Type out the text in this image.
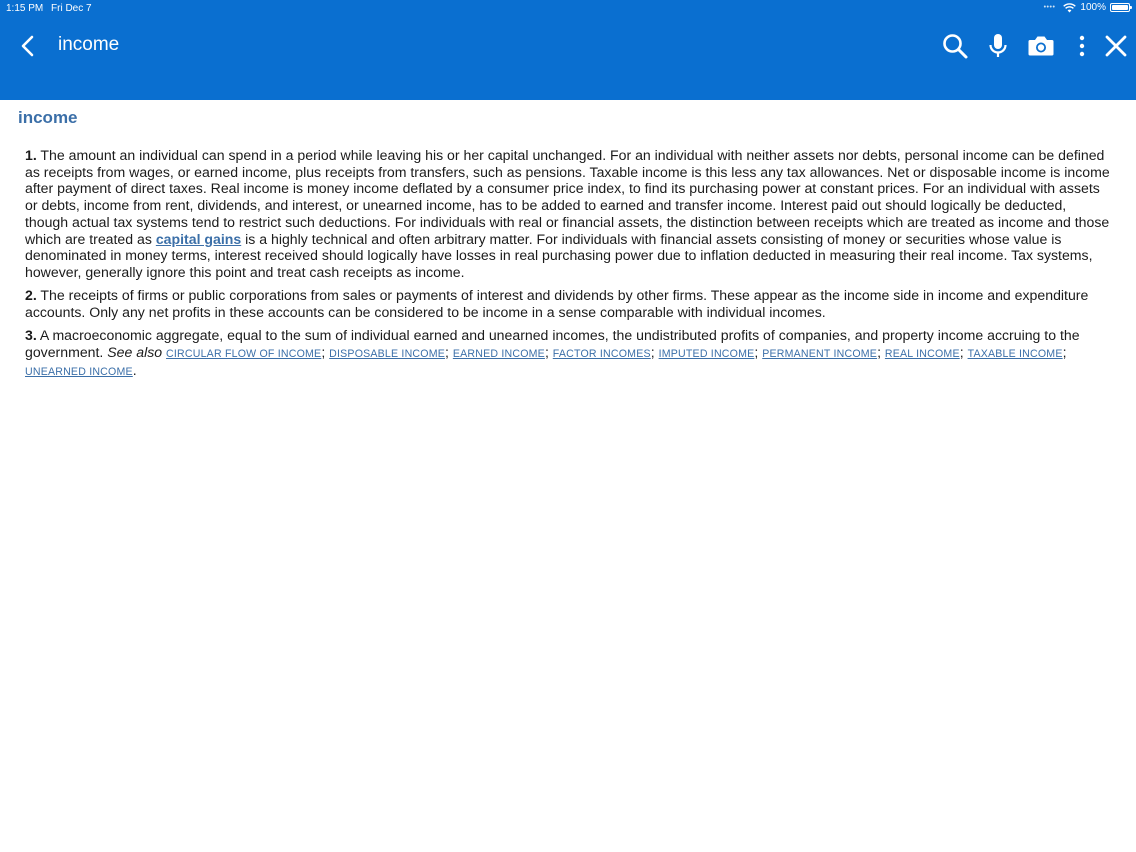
1:15 PM Fri Dec 7	••••	100%
income
income

1. The amount an individual can spend in a period while leaving his or her capital unchanged. For an individual with neither assets nor debts, personal income can be defined as receipts from wages, or earned income, plus receipts from transfers, such as pensions. Taxable income is this less any tax allowances. Net or disposable income is income after payment of direct taxes. Real income is money income deflated by a consumer price index, to find its purchasing power at constant prices. For an individual with assets or debts, income from rent, dividends, and interest, or unearned income, has to be added to earned and transfer income. Interest paid out should logically be deducted, though actual tax systems tend to restrict such deductions. For individuals with real or financial assets, the distinction between receipts which are treated as income and those which are treated as capital gains is a highly technical and often arbitrary matter. For individuals with financial assets consisting of money or securities whose value is denominated in money terms, interest received should logically have losses in real purchasing power due to inflation deducted in measuring their real income. Tax systems, however, generally ignore this point and treat cash receipts as income.

2. The receipts of firms or public corporations from sales or payments of interest and dividends by other firms. These appear as the income side in income and expenditure accounts. Only any net profits in these accounts can be considered to be income in a sense comparable with individual incomes.

3. A macroeconomic aggregate, equal to the sum of individual earned and unearned incomes, the undistributed profits of companies, and property income accruing to the government. See also CIRCULAR FLOW OF INCOME; DISPOSABLE INCOME; EARNED INCOME; FACTOR INCOMES; IMPUTED INCOME; PERMANENT INCOME; REAL INCOME; TAXABLE INCOME; UNEARNED INCOME.
